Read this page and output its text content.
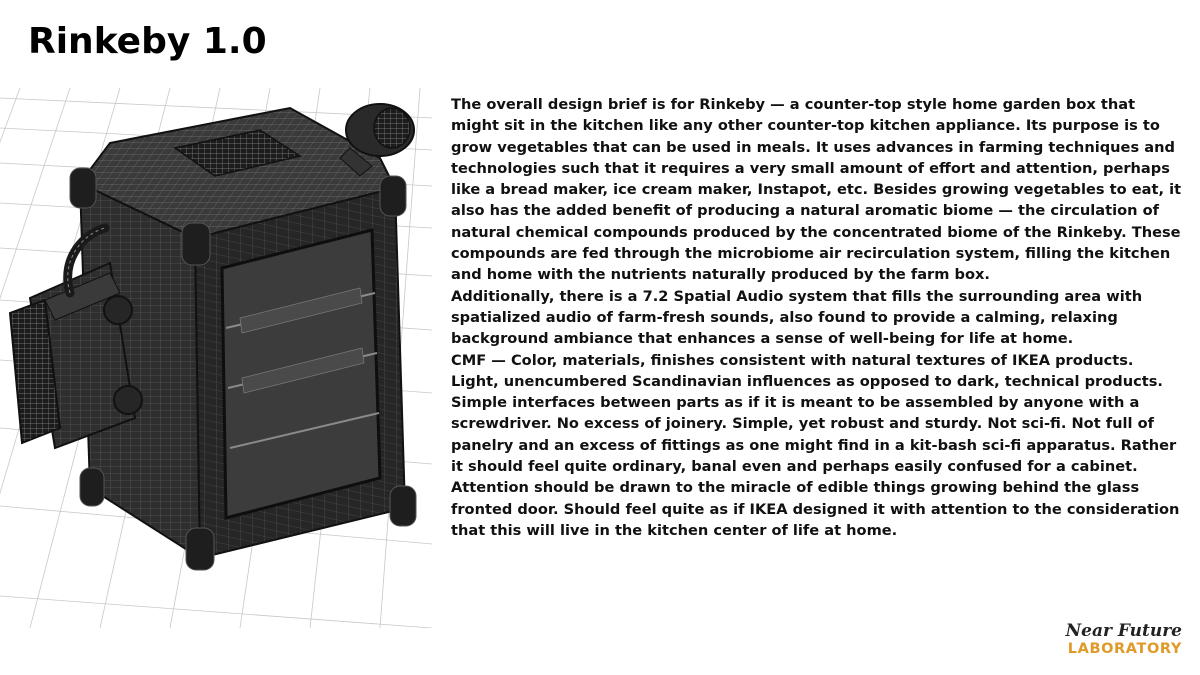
Rinkeby 1.0

The overall design brief is for Rinkeby — a counter-top style home garden box that might sit in the kitchen like any other counter-top kitchen appliance. Its purpose is to grow vegetables that can be used in meals. It uses advances in farming techniques and technologies such that it requires a very small amount of effort and attention, perhaps like a bread maker, ice cream maker, Instapot, etc. Besides growing vegetables to eat, it also has the added benefit of producing a natural aromatic biome — the circulation of natural chemical compounds produced by the concentrated biome of the Rinkeby. These compounds are fed through the microbiome air recirculation system, filling the kitchen and home with the nutrients naturally produced by the farm box.

Additionally, there is a 7.2 Spatial Audio system that fills the surrounding area with spatialized audio of farm-fresh sounds, also found to provide a calming, relaxing background ambiance that enhances a sense of well-being for life at home.

CMF — Color, materials, finishes consistent with natural textures of IKEA products. Light, unencumbered Scandinavian influences as opposed to dark, technical products. Simple interfaces between parts as if it is meant to be assembled by anyone with a screwdriver. No excess of joinery. Simple, yet robust and sturdy. Not sci-fi. Not full of panelry and an excess of fittings as one might find in a kit-bash sci-fi apparatus. Rather it should feel quite ordinary, banal even and perhaps easily confused for a cabinet. Attention should be drawn to the miracle of edible things growing behind the glass fronted door. Should feel quite as if IKEA designed it with attention to the consideration that this will live in the kitchen center of life at home.

Near Future
LABORATORY
